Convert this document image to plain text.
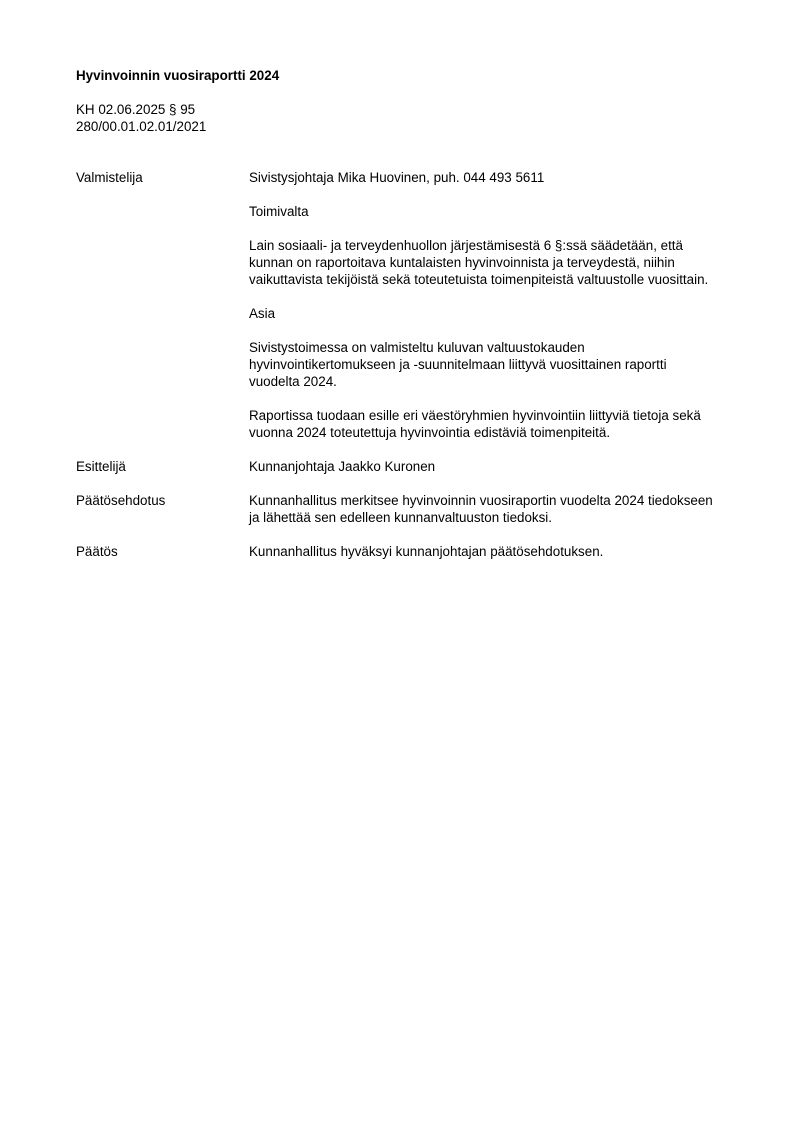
Hyvinvoinnin vuosiraportti 2024
KH 02.06.2025 § 95
280/00.01.02.01/2021
Valmistelija	Sivistysjohtaja Mika Huovinen, puh. 044 493 5611

Toimivalta

Lain sosiaali- ja terveydenhuollon järjestämisestä 6 §:ssä säädetään, että kunnan on raportoitava kuntalaisten hyvinvoinnista ja terveydestä, niihin vaikuttavista tekijöistä sekä toteutetuista toimenpiteistä valtuustolle vuosittain.

Asia

Sivistystoimessa on valmisteltu kuluvan valtuustokauden hyvinvointikertomukseen ja -suunnitelmaan liittyvä vuosittainen raportti vuodelta 2024.

Raportissa tuodaan esille eri väestöryhmien hyvinvointiin liittyviä tietoja sekä vuonna 2024 toteutettuja hyvinvointia edistäviä toimenpiteitä.

Esittelijä	Kunnanjohtaja Jaakko Kuronen

Päätösehdotus	Kunnanhallitus merkitsee hyvinvoinnin vuosiraportin vuodelta 2024 tiedokseen ja lähettää sen edelleen kunnanvaltuuston tiedoksi.

Päätös	Kunnanhallitus hyväksyi kunnanjohtajan päätösehdotuksen.
